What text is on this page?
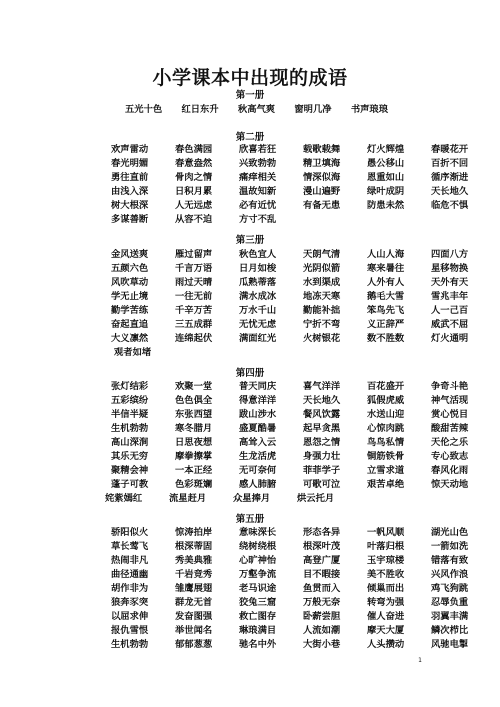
小学课本中出现的成语
第一册
五光十色 红日东升 秋高气爽 窗明几净 书声琅琅
第二册
欢声雷动	春色满园	欣喜若狂	载歌载舞	灯火辉煌	春暖花开
春光明媚	春意盎然	兴致勃勃	精卫填海	愚公移山	百折不回
勇往直前	骨肉之情	痛痒相关	情深似海	恩重如山	循序渐进
由浅入深	日积月累	温故知新	漫山遍野	绿叶成阴	天长地久
树大根深	人无远虑	必有近忧	有备无患	防患未然	临危不惧
多谋善断	从容不迫	方寸不乱
第三册
金风送爽	雁过留声	秋色宜人	天朗气清	人山人海	四面八方
五颜六色	千言万语	日月如梭	光阴似箭	寒来暑往	星移物换
风吹草动	雨过天晴	瓜熟蒂落	水到渠成	人外有人	天外有天
学无止境	一往无前	满水成冰	地冻天寒	鹅毛大雪	雪兆丰年
勤学苦练	千辛万苦	万水千山	勤能补拙	笨鸟先飞	人一己百
奋起直追	三五成群	无忧无虑	宁折不弯	义正辞严	威武不屈
大义凛然	连绵起伏	满面红光	火树银花	数不胜数	灯火通明
观者如堵
第四册
张灯结彩	欢聚一堂	普天同庆	喜气洋洋	百花盛开	争奇斗艳
五彩缤纷	色色俱全	得意洋洋	天长地久	狐假虎威	神气活现
半信半疑	东张西望	跋山涉水	餐风饮露	水送山迎	赏心悦目
生机勃勃	寒冬腊月	盛夏酷暑	起早贪黑	心惊肉跳	酸甜苦辣
高山深涧	日思夜想	高耸入云	恩怨之情	鸟鸟私情	天伦之乐
其乐无穷	摩拳擦掌	生龙活虎	身强力壮	铜筋铁骨	专心致志
聚精会神	一本正经	无可奈何	菲菲学子	立雪求道	春风化雨
蓬子可教	色彩斑斓	感人肺腑	可歌可泣	艰苦卓绝	惊天动地
姹紫嫣红	流星赶月	众星捧月	烘云托月
第五册
骄阳似火	惊涛拍岸	意味深长	形态各异	一帆风顺	湖光山色
草长莺飞	根深蒂固	绕树绕根	根深叶茂	叶落归根	一箭如洗
热闹非凡	秀美典雅	心旷神怡	高登广厦	玉宇琼楼	错落有致
曲径通幽	千岩竞秀	万壑争流	目不暇接	美不胜收	兴风作浪
胡作非为	雏鹰展翅	老马识途	鱼贯而入	倾巢而出	鸡飞狗跳
狼奔豕突	群龙无首	狡兔三窟	万般无奈	转弯为强	忍辱负重
以屈求伸	发奋图强	救亡图存	卧薪尝胆	催人奋进	羽翼丰满
报仇雪恨	举世闻名	琳琅满目	人流如潮	摩天大厦	鳞次栉比
生机勃勃	郁郁葱葱	驰名中外	大街小巷	人头攒动	风驰电掣
1
